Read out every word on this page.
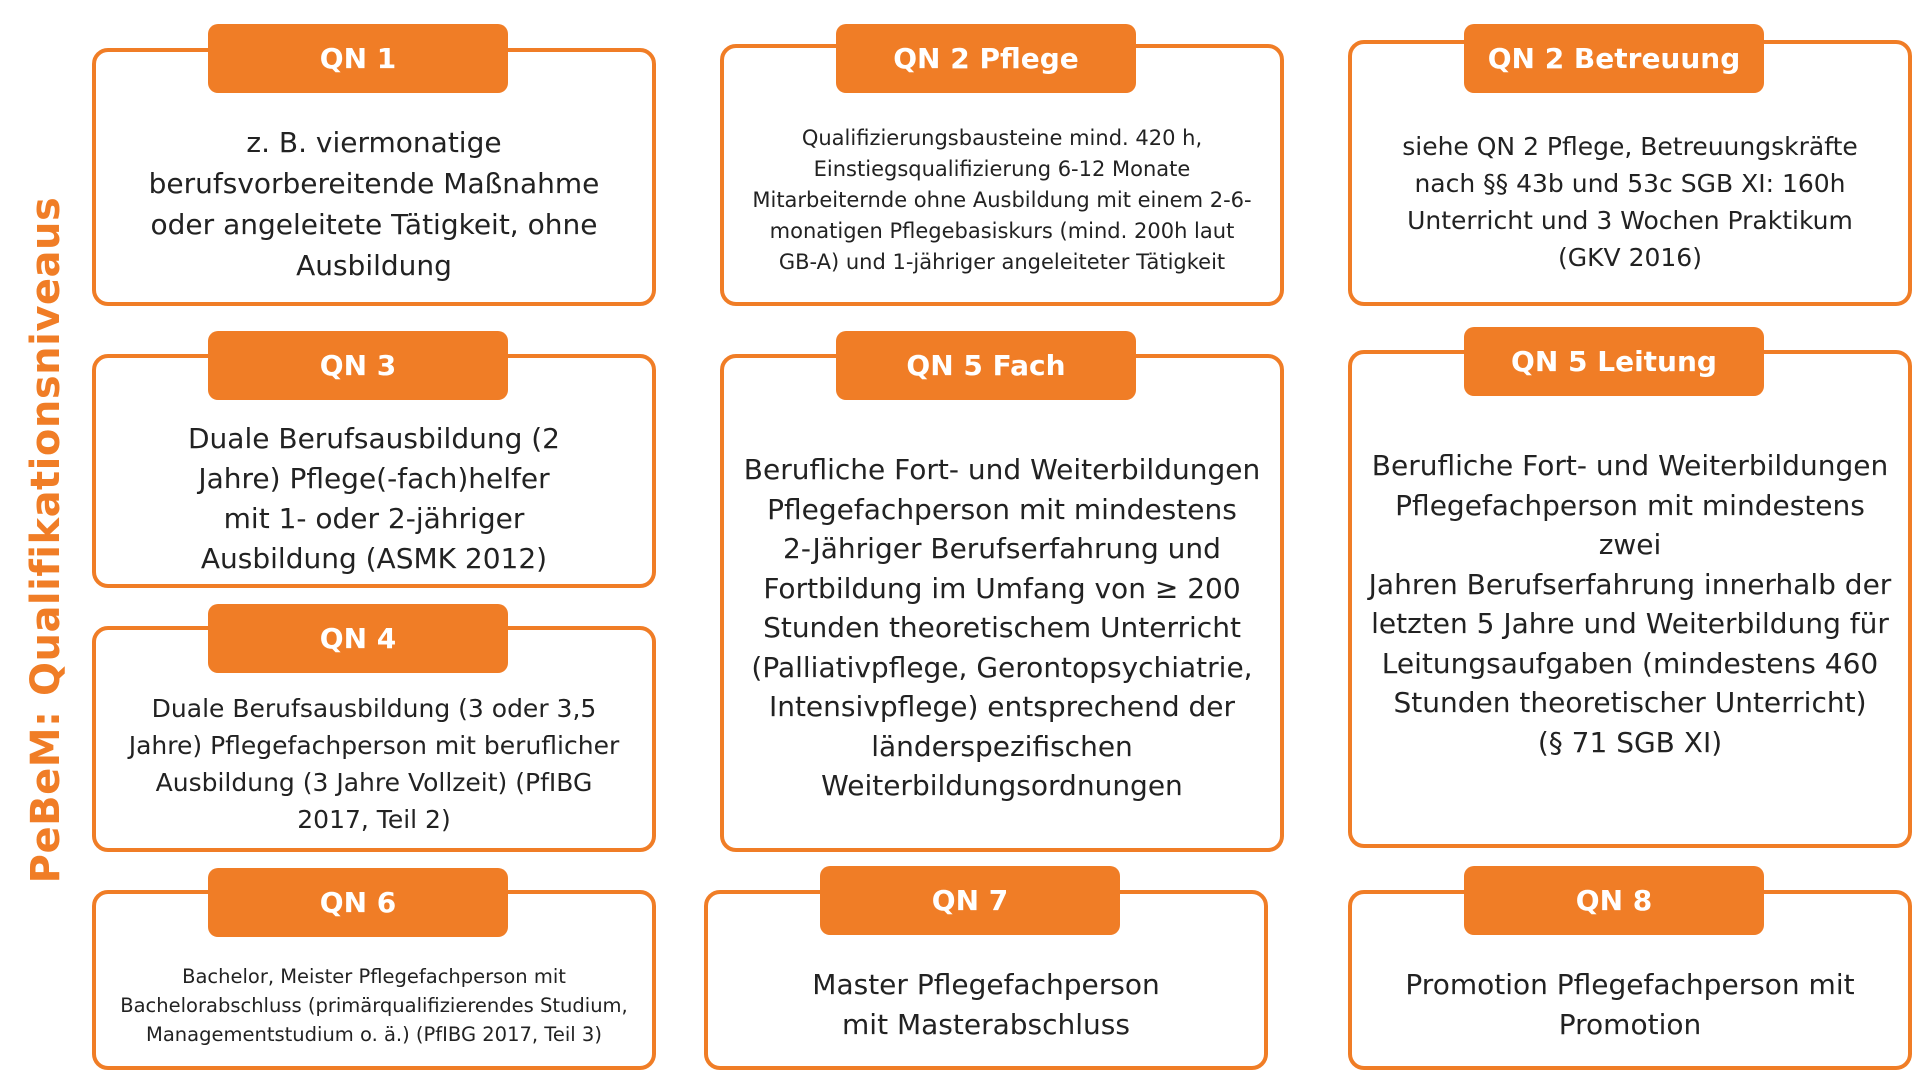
PeBeM: Qualifikationsniveaus
z. B. viermonatige
berufsvorbereitende Maßnahme
oder angeleitete Tätigkeit, ohne
Ausbildung
QN 1
Qualifizierungsbausteine mind. 420 h,
Einstiegsqualifizierung 6-12 Monate
Mitarbeiternde ohne Ausbildung mit einem 2-6-
monatigen Pflegebasiskurs (mind. 200h laut
GB-A) und 1-jähriger angeleiteter Tätigkeit
QN 2 Pflege
siehe QN 2 Pflege, Betreuungskräfte
nach §§ 43b und 53c SGB XI: 160h
Unterricht und 3 Wochen Praktikum
(GKV 2016)
QN 2 Betreuung
Duale Berufsausbildung (2
Jahre) Pflege(-fach)helfer
mit 1- oder 2-jähriger
Ausbildung (ASMK 2012)
QN 3
Duale Berufsausbildung (3 oder 3,5
Jahre) Pflegefachperson mit beruflicher
Ausbildung (3 Jahre Vollzeit) (PfIBG
2017, Teil 2)
QN 4
Berufliche Fort- und Weiterbildungen
Pflegefachperson mit mindestens
2-Jähriger Berufserfahrung und
Fortbildung im Umfang von ≥ 200
Stunden theoretischem Unterricht
(Palliativpflege, Gerontopsychiatrie,
Intensivpflege) entsprechend der
länderspezifischen
Weiterbildungsordnungen
QN 5 Fach
Berufliche Fort- und Weiterbildungen
Pflegefachperson mit mindestens zwei
Jahren Berufserfahrung innerhalb der
letzten 5 Jahre und Weiterbildung für
Leitungsaufgaben (mindestens 460
Stunden theoretischer Unterricht)
(§ 71 SGB XI)
QN 5 Leitung
Bachelor, Meister Pflegefachperson mit
Bachelorabschluss (primärqualifizierendes Studium,
Managementstudium o. ä.) (PfIBG 2017, Teil 3)
QN 6
Master Pflegefachperson
mit Masterabschluss
QN 7
Promotion Pflegefachperson mit
Promotion
QN 8
